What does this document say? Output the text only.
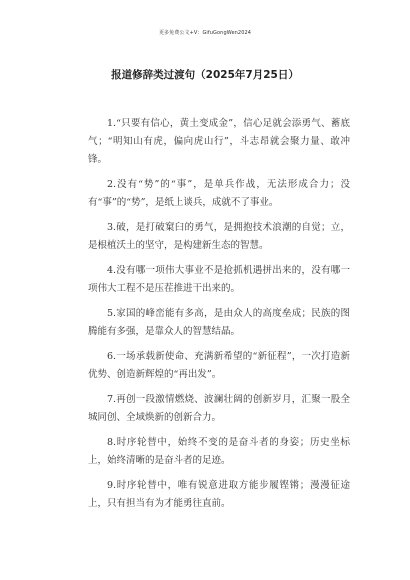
更多免费公文+V：GifuGongWen2024
报道修辞类过渡句（2025年7月25日）

1.“只要有信心，黄土变成金”，信心足就会添勇气、蓄底气；“明知山有虎，偏向虎山行”，斗志昂就会聚力量、敢冲锋。

2.没有“势”的“事”，是单兵作战，无法形成合力；没有“事”的“势”，是纸上谈兵，成就不了事业。

3.破，是打破窠臼的勇气，是拥抱技术浪潮的自觉；立，是根植沃土的坚守，是构建新生态的智慧。

4.没有哪一项伟大事业不是抢抓机遇拼出来的，没有哪一项伟大工程不是压茬推进干出来的。

5.家国的峰峦能有多高，是由众人的高度垒成；民族的图腾能有多强，是靠众人的智慧结晶。

6.一场承载新使命、充满新希望的“新征程”，一次打造新优势、创造新辉煌的“再出发”。

7.再创一段激情燃烧、波澜壮阔的创新岁月，汇聚一股全城同创、全域焕新的创新合力。

8.时序轮替中，始终不变的是奋斗者的身姿；历史坐标上，始终清晰的是奋斗者的足迹。

9.时序轮替中，唯有锐意进取方能步履铿锵；漫漫征途上，只有担当有为才能勇往直前。
